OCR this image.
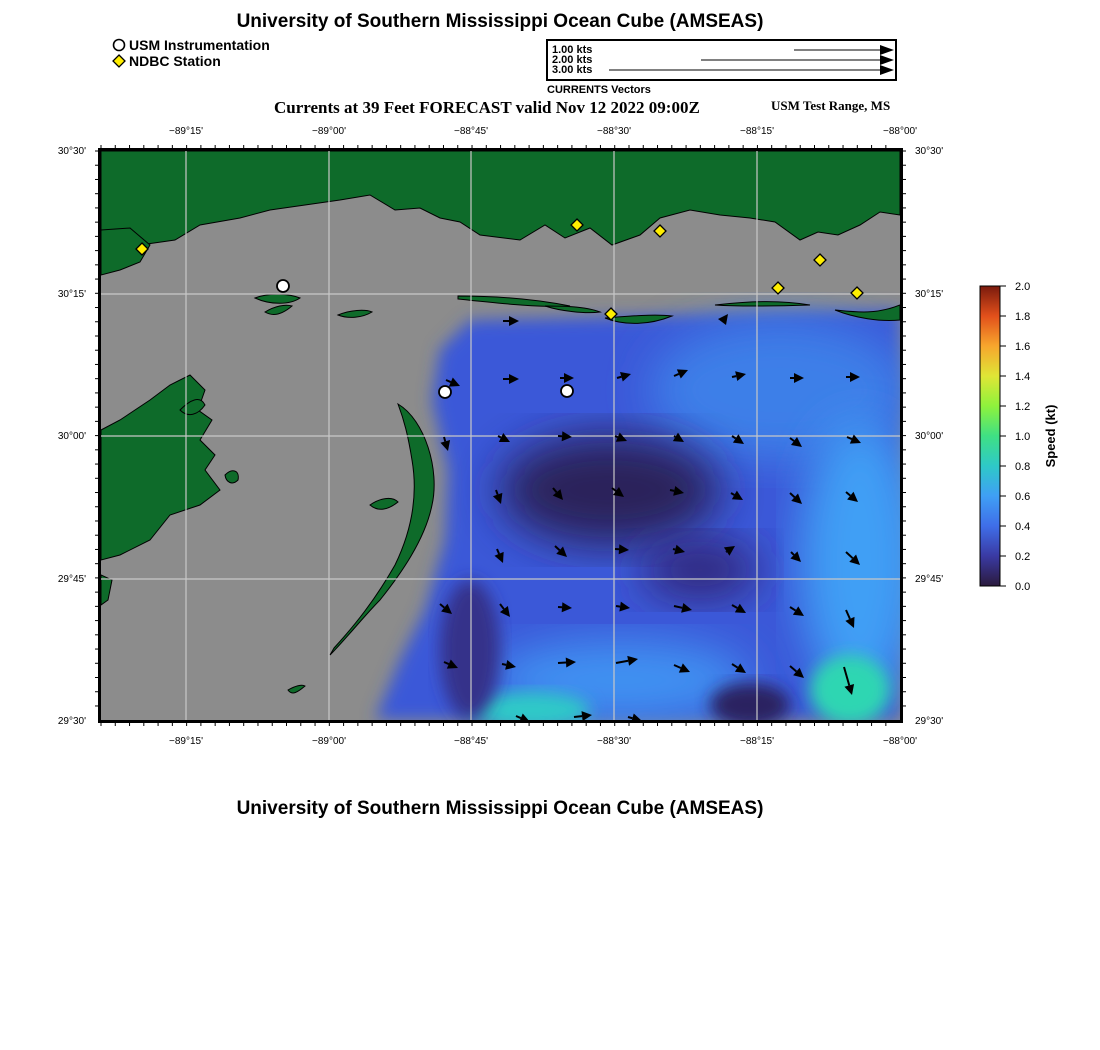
University of Southern Mississippi Ocean Cube (AMSEAS)
USM Instrumentation
NDBC Station
1.00 kts
2.00 kts
3.00 kts
CURRENTS Vectors
Currents at 39 Feet FORECAST valid Nov 12 2022 09:00Z	USM Test Range, MS
−89°15'	−89°00'	−88°45'	−88°30'	−88°15'	−88°00'
−89°15'	−89°00'	−88°45'	−88°30'	−88°15'	−88°00'
30°30'
30°15'
30°00'
29°45'
29°30'
30°30'
30°15'
30°00'
29°45'
29°30'
2.0
1.8
1.6
1.4
1.2
1.0
0.8
0.6
0.4
0.2
0.0
Speed (kt)
University of Southern Mississippi Ocean Cube (AMSEAS)
